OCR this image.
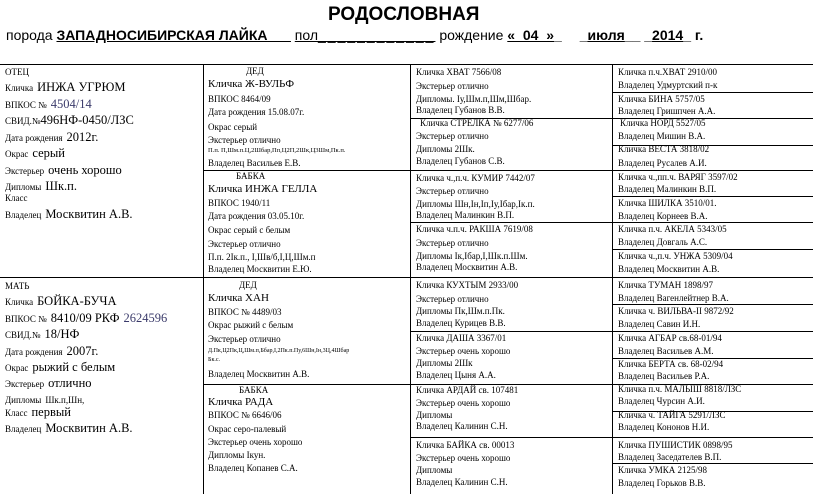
РОДОСЛОВНАЯ
порода ЗАПАДНОСИБИРСКАЯ ЛАЙКА___ пол____________ рождение «_04_»_ _июля__ _2014_ г.
ОТЕЦ
Кличка ИНЖА УГРЮМ
ВПКОС № 4504/14
СВИД.№496НФ-0450/ЛЗС
Дата рождения 2012г.
Окрас серый
Экстерьер очень хорошо
Дипломы Шк.п.
Класс
Владелец Москвитин А.В.
МАТЬ
Кличка БОЙКА-БУЧА
ВПКОС № 8410/09 РКФ 2624596
СВИД.№ 18/НФ
Дата рождения 2007г.
Окрас рыжий с белым
Экстерьер отлично
Дипломы Шк.п,Шн,
Класс первый
Владелец Москвитин А.В.
ДЕД
Кличка Ж-ВУЛЬФ
ВПКОС 8464/09
Дата рождения 15.08.07г.
Окрас серый
Экстерьер отлично
П.п. П,Шм.п.Ц,2Шбар,Пп,Ц2П,2Шк,Ц3Шм,Пк.п.
Владелец Васильев Е.В.
БАБКА
Кличка ИНЖА ГЕЛЛА
ВПКОС 1940/11
Дата рождения 03.05.10г.
Окрас серый с белым
Экстерьер отлично
П.п. 2Iк.п., I,Шв/б,I,Ц,Шм.п
Владелец Москвитин Е.Ю.
ДЕД
Кличка ХАН
ВПКОС № 4489/03
Окрас рыжий с белым
Экстерьер отлично
Д.Пк,Ц2Пк,Ц,Шм.п,Ббар,I,2Пк.п.Пу,6Шн,Iн,3Ц,4Шбар
Бк.с.
Владелец Москвитин А.В.
БАБКА
Кличка РАДА
ВПКОС № 6646/06
Окрас серо-палевый
Экстерьер очень хорошо
Дипломы Iкун.
Владелец Копанев С.А.
Кличка ХВАТ 7566/08
Экстерьер отлично
Дипломы. Iу,Шм.п,Шм,Шбар.
Владелец Губанов В.В.
Кличка СТРЕЛКА № 6277/06
Экстерьер отлично
Дипломы 2Шк.
Владелец Губанов С.В.
Кличка ч.,п.ч. КУМИР 7442/07
Экстерьер отлично
Дипломы Шн,Iн,Iп,Iу,Iбар,Iк.п.
Владелец Малинкин В.П.
Кличка ч.п.ч. РАКША 7619/08
Экстерьер отлично
Дипломы Iк,Iбар,I,Шк.п.Шм.
Владелец Москвитин А.В.
Кличка КУХТЫМ 2933/00
Экстерьер отлично
Дипломы Пк,Шм.п.Пк.
Владелец Курицев В.В.
Кличка ДАША 3367/01
Экстерьер очень хорошо
Дипломы 2Шк
Владелец Цыня А.А.
Кличка АРДАЙ св. 107481
Экстерьер очень хорошо
Дипломы
Владелец Калинин С.Н.
Кличка БАЙКА св. 00013
Экстерьер очень хорошо
Дипломы
Владелец Калинин С.Н.
Кличка п.ч.ХВАТ 2910/00
Владелец Удмуртский п-к
Кличка БИНА 5757/05
Владелец Гришпчен А.А.
Кличка НОРД 5527/05
Владелец Мишин В.А.
Кличка ВЕСТА 3818/02
Владелец Русалев А.И.
Кличка ч.,пп.ч. ВАРЯГ 3597/02
Владелец Малинкин В.П.
Кличка ШИЛКА 3510/01.
Владелец Корнеев В.А.
Кличка п.ч. АКЕЛА 5343/05
Владелец Довгаль А.С.
Кличка ч.,п.ч. УНЖА 5309/04
Владелец Москвитин А.В.
Кличка ТУМАН 1898/97
Владелец Вагенлейтнер В.А.
Кличка ч. ВИЛЬВА-II 9872/92
Владелец Савин И.Н.
Кличка АГБАР св.68-01/94
Владелец Васильев А.М.
Кличка БЕРТА св. 68-02/94
Владелец Васильев Р.А.
Кличка п.ч. МАЛЫШ 8818/ЛЗС
Владелец Чурсин А.И.
Кличка ч. ТАЙГА 5291/ЛЗС
Владелец Кононов Н.И.
Кличка ПУШИСТИК 0898/95
Владелец Заседателев В.П.
Кличка УМКА 2125/98
Владелец Горьков В.В.
